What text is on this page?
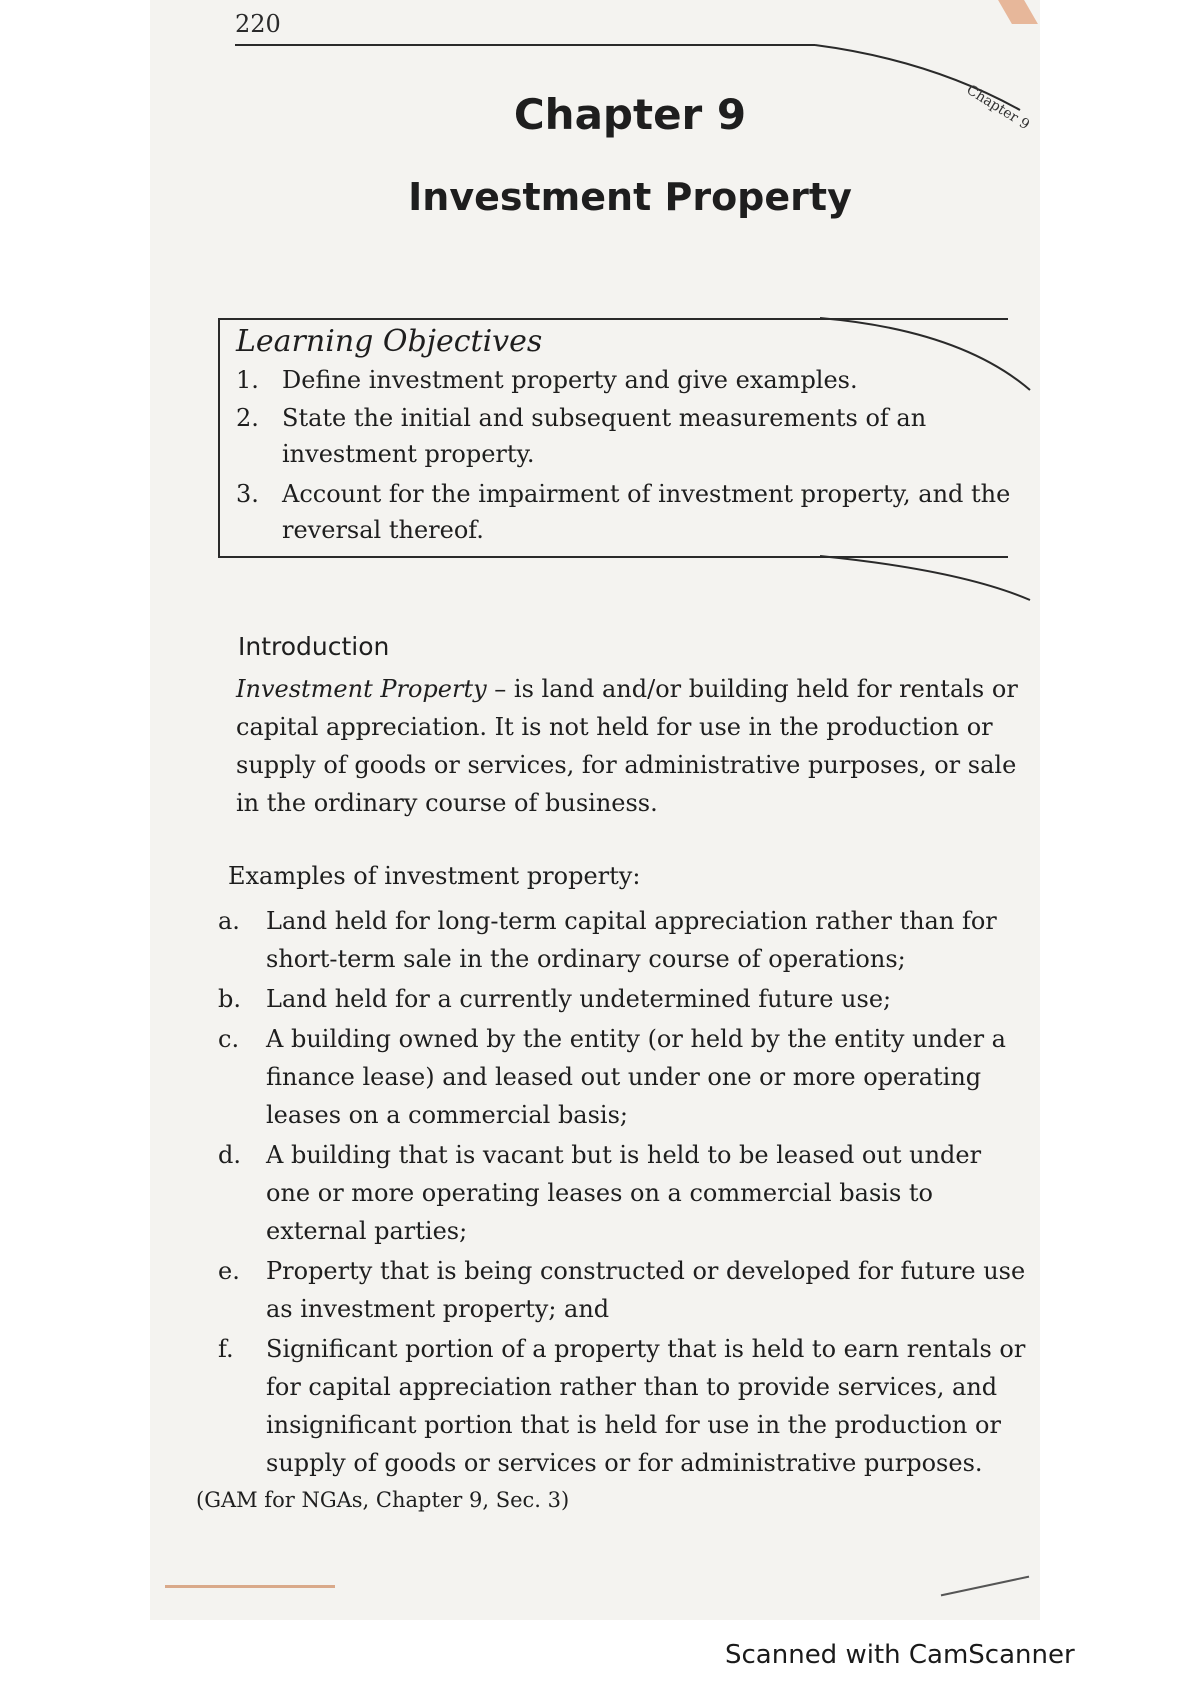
220
Chapter 9
Chapter 9
Investment Property
Learning Objectives
1. Define investment property and give examples.
2. State the initial and subsequent measurements of an
investment property.
3. Account for the impairment of investment property, and the
reversal thereof.
Introduction
Investment Property – is land and/or building held for rentals or capital appreciation. It is not held for use in the production or supply of goods or services, for administrative purposes, or sale in the ordinary course of business.
Examples of investment property:
a. Land held for long-term capital appreciation rather than for
short-term sale in the ordinary course of operations;
b. Land held for a currently undetermined future use;
c. A building owned by the entity (or held by the entity under a
finance lease) and leased out under one or more operating leases on a commercial basis;
d. A building that is vacant but is held to be leased out under
one or more operating leases on a commercial basis to external parties;
e. Property that is being constructed or developed for future use
as investment property; and
f. Significant portion of a property that is held to earn rentals or
for capital appreciation rather than to provide services, and insignificant portion that is held for use in the production or supply of goods or services or for administrative purposes.
(GAM for NGAs, Chapter 9, Sec. 3)
Scanned with CamScanner
